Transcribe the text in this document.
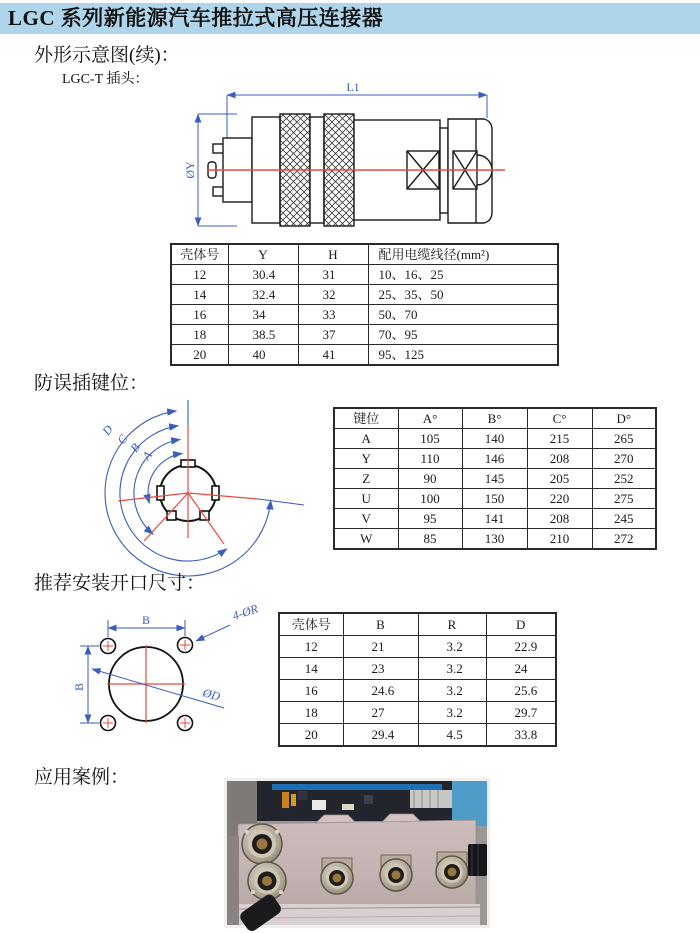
LGC 系列新能源汽车推拉式高压连接器
外形示意图(续)：
LGC-T 插头：	L1
ØY
壳体号	Y	H	配用电缆线径(mm²)
12	30.4	31	10、16、25
14	32.4	32	25、35、50
16	34	33	50、70
18	38.5	37	70、95
20	40	41	95、125
防误插键位：
D
C
B
A
键位	A°	B°	C°	D°
A	105	140	215	265
Y	110	146	208	270
Z	90	145	205	252
U	100	150	220	275
V	95	141	208	245
W	85	130	210	272
推荐安装开口尺寸：
B
B
4-ØR
ØD
壳体号	B	R	D
12	21	3.2	22.9
14	23	3.2	24
16	24.6	3.2	25.6
18	27	3.2	29.7
20	29.4	4.5	33.8
应用案例：
